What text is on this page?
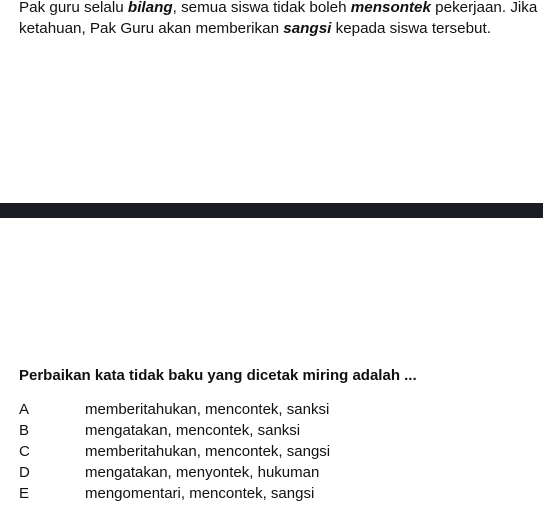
Pak guru selalu bilang, semua siswa tidak boleh mensontek pekerjaan. Jika

ketahuan, Pak Guru akan memberikan sangsi kepada siswa tersebut.

Perbaikan kata tidak baku yang dicetak miring adalah ...
A	memberitahukan, mencontek, sanksi
B	mengatakan, mencontek, sanksi
C	memberitahukan, mencontek, sangsi
D	mengatakan, menyontek, hukuman
E	mengomentari, mencontek, sangsi
